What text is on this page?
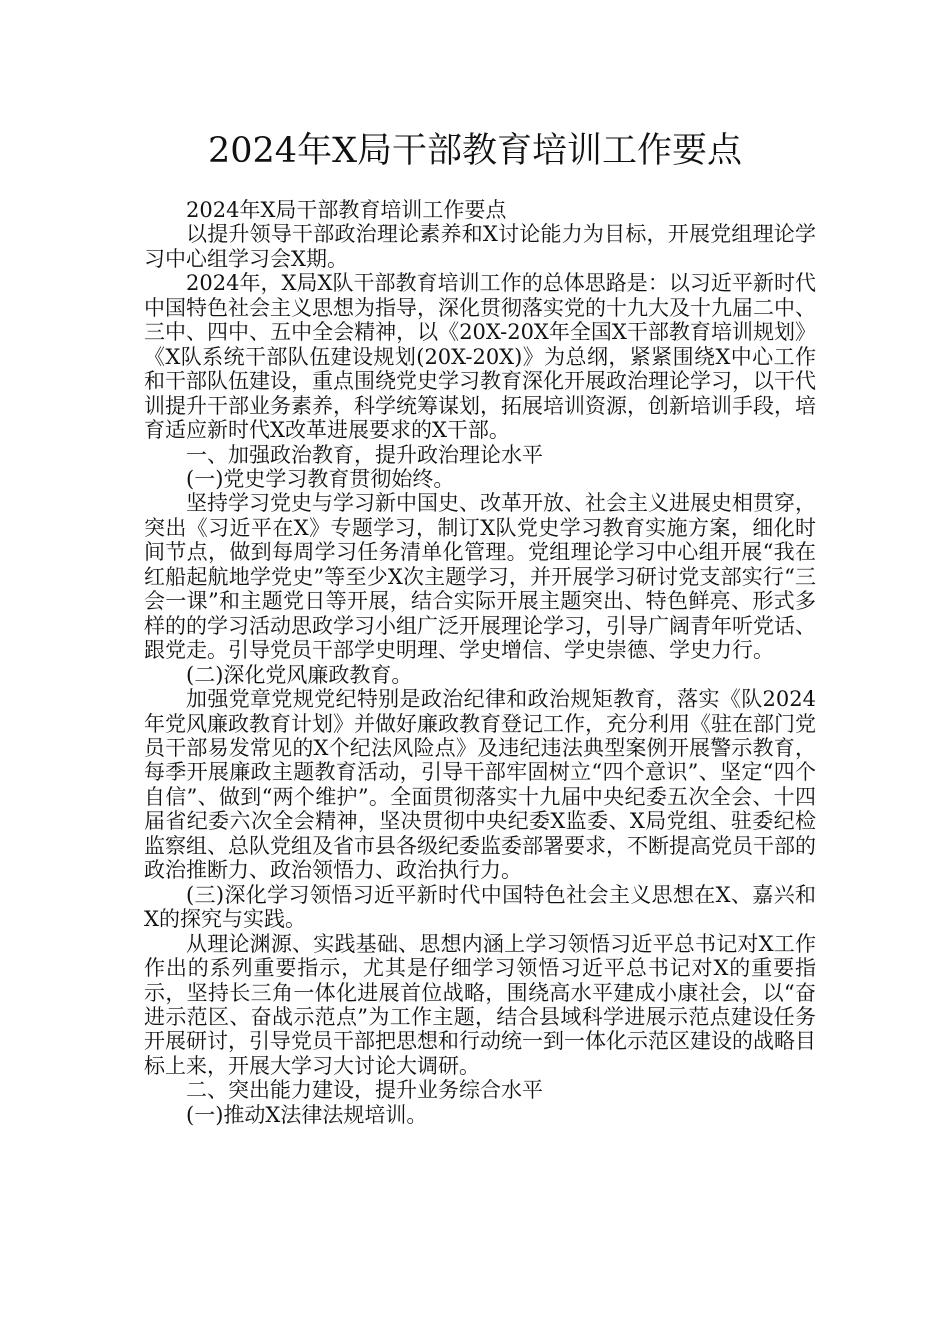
2024年X局干部教育培训工作要点

2024年X局干部教育培训工作要点

以提升领导干部政治理论素养和X讨论能力为目标，开展党组理论学习中心组学习会X期。

2024年，X局X队干部教育培训工作的总体思路是：以习近平新时代中国特色社会主义思想为指导，深化贯彻落实党的十九大及十九届二中、三中、四中、五中全会精神，以《20X-20X年全国X干部教育培训规划》《X队系统干部队伍建设规划(20X-20X)》为总纲，紧紧围绕X中心工作和干部队伍建设，重点围绕党史学习教育深化开展政治理论学习，以干代训提升干部业务素养，科学统筹谋划，拓展培训资源，创新培训手段，培育适应新时代X改革进展要求的X干部。

一、加强政治教育，提升政治理论水平

(一)党史学习教育贯彻始终。

坚持学习党史与学习新中国史、改革开放、社会主义进展史相贯穿，突出《习近平在X》专题学习，制订X队党史学习教育实施方案，细化时间节点，做到每周学习任务清单化管理。党组理论学习中心组开展“我在红船起航地学党史”等至少X次主题学习，并开展学习研讨党支部实行“三会一课”和主题党日等开展，结合实际开展主题突出、特色鲜亮、形式多样的的学习活动思政学习小组广泛开展理论学习，引导广阔青年听党话、跟党走。引导党员干部学史明理、学史增信、学史崇德、学史力行。

(二)深化党风廉政教育。

加强党章党规党纪特别是政治纪律和政治规矩教育，落实《队2024年党风廉政教育计划》并做好廉政教育登记工作，充分利用《驻在部门党员干部易发常见的X个纪法风险点》及违纪违法典型案例开展警示教育，每季开展廉政主题教育活动，引导干部牢固树立“四个意识”、坚定“四个自信”、做到“两个维护”。全面贯彻落实十九届中央纪委五次全会、十四届省纪委六次全会精神，坚决贯彻中央纪委X监委、X局党组、驻委纪检监察组、总队党组及省市县各级纪委监委部署要求，不断提高党员干部的政治推断力、政治领悟力、政治执行力。

(三)深化学习领悟习近平新时代中国特色社会主义思想在X、嘉兴和X的探究与实践。

从理论渊源、实践基础、思想内涵上学习领悟习近平总书记对X工作作出的系列重要指示，尤其是仔细学习领悟习近平总书记对X的重要指示，坚持长三角一体化进展首位战略，围绕高水平建成小康社会，以“奋进示范区、奋战示范点”为工作主题，结合县域科学进展示范点建设任务开展研讨，引导党员干部把思想和行动统一到一体化示范区建设的战略目标上来，开展大学习大讨论大调研。

二、突出能力建设，提升业务综合水平

(一)推动X法律法规培训。
